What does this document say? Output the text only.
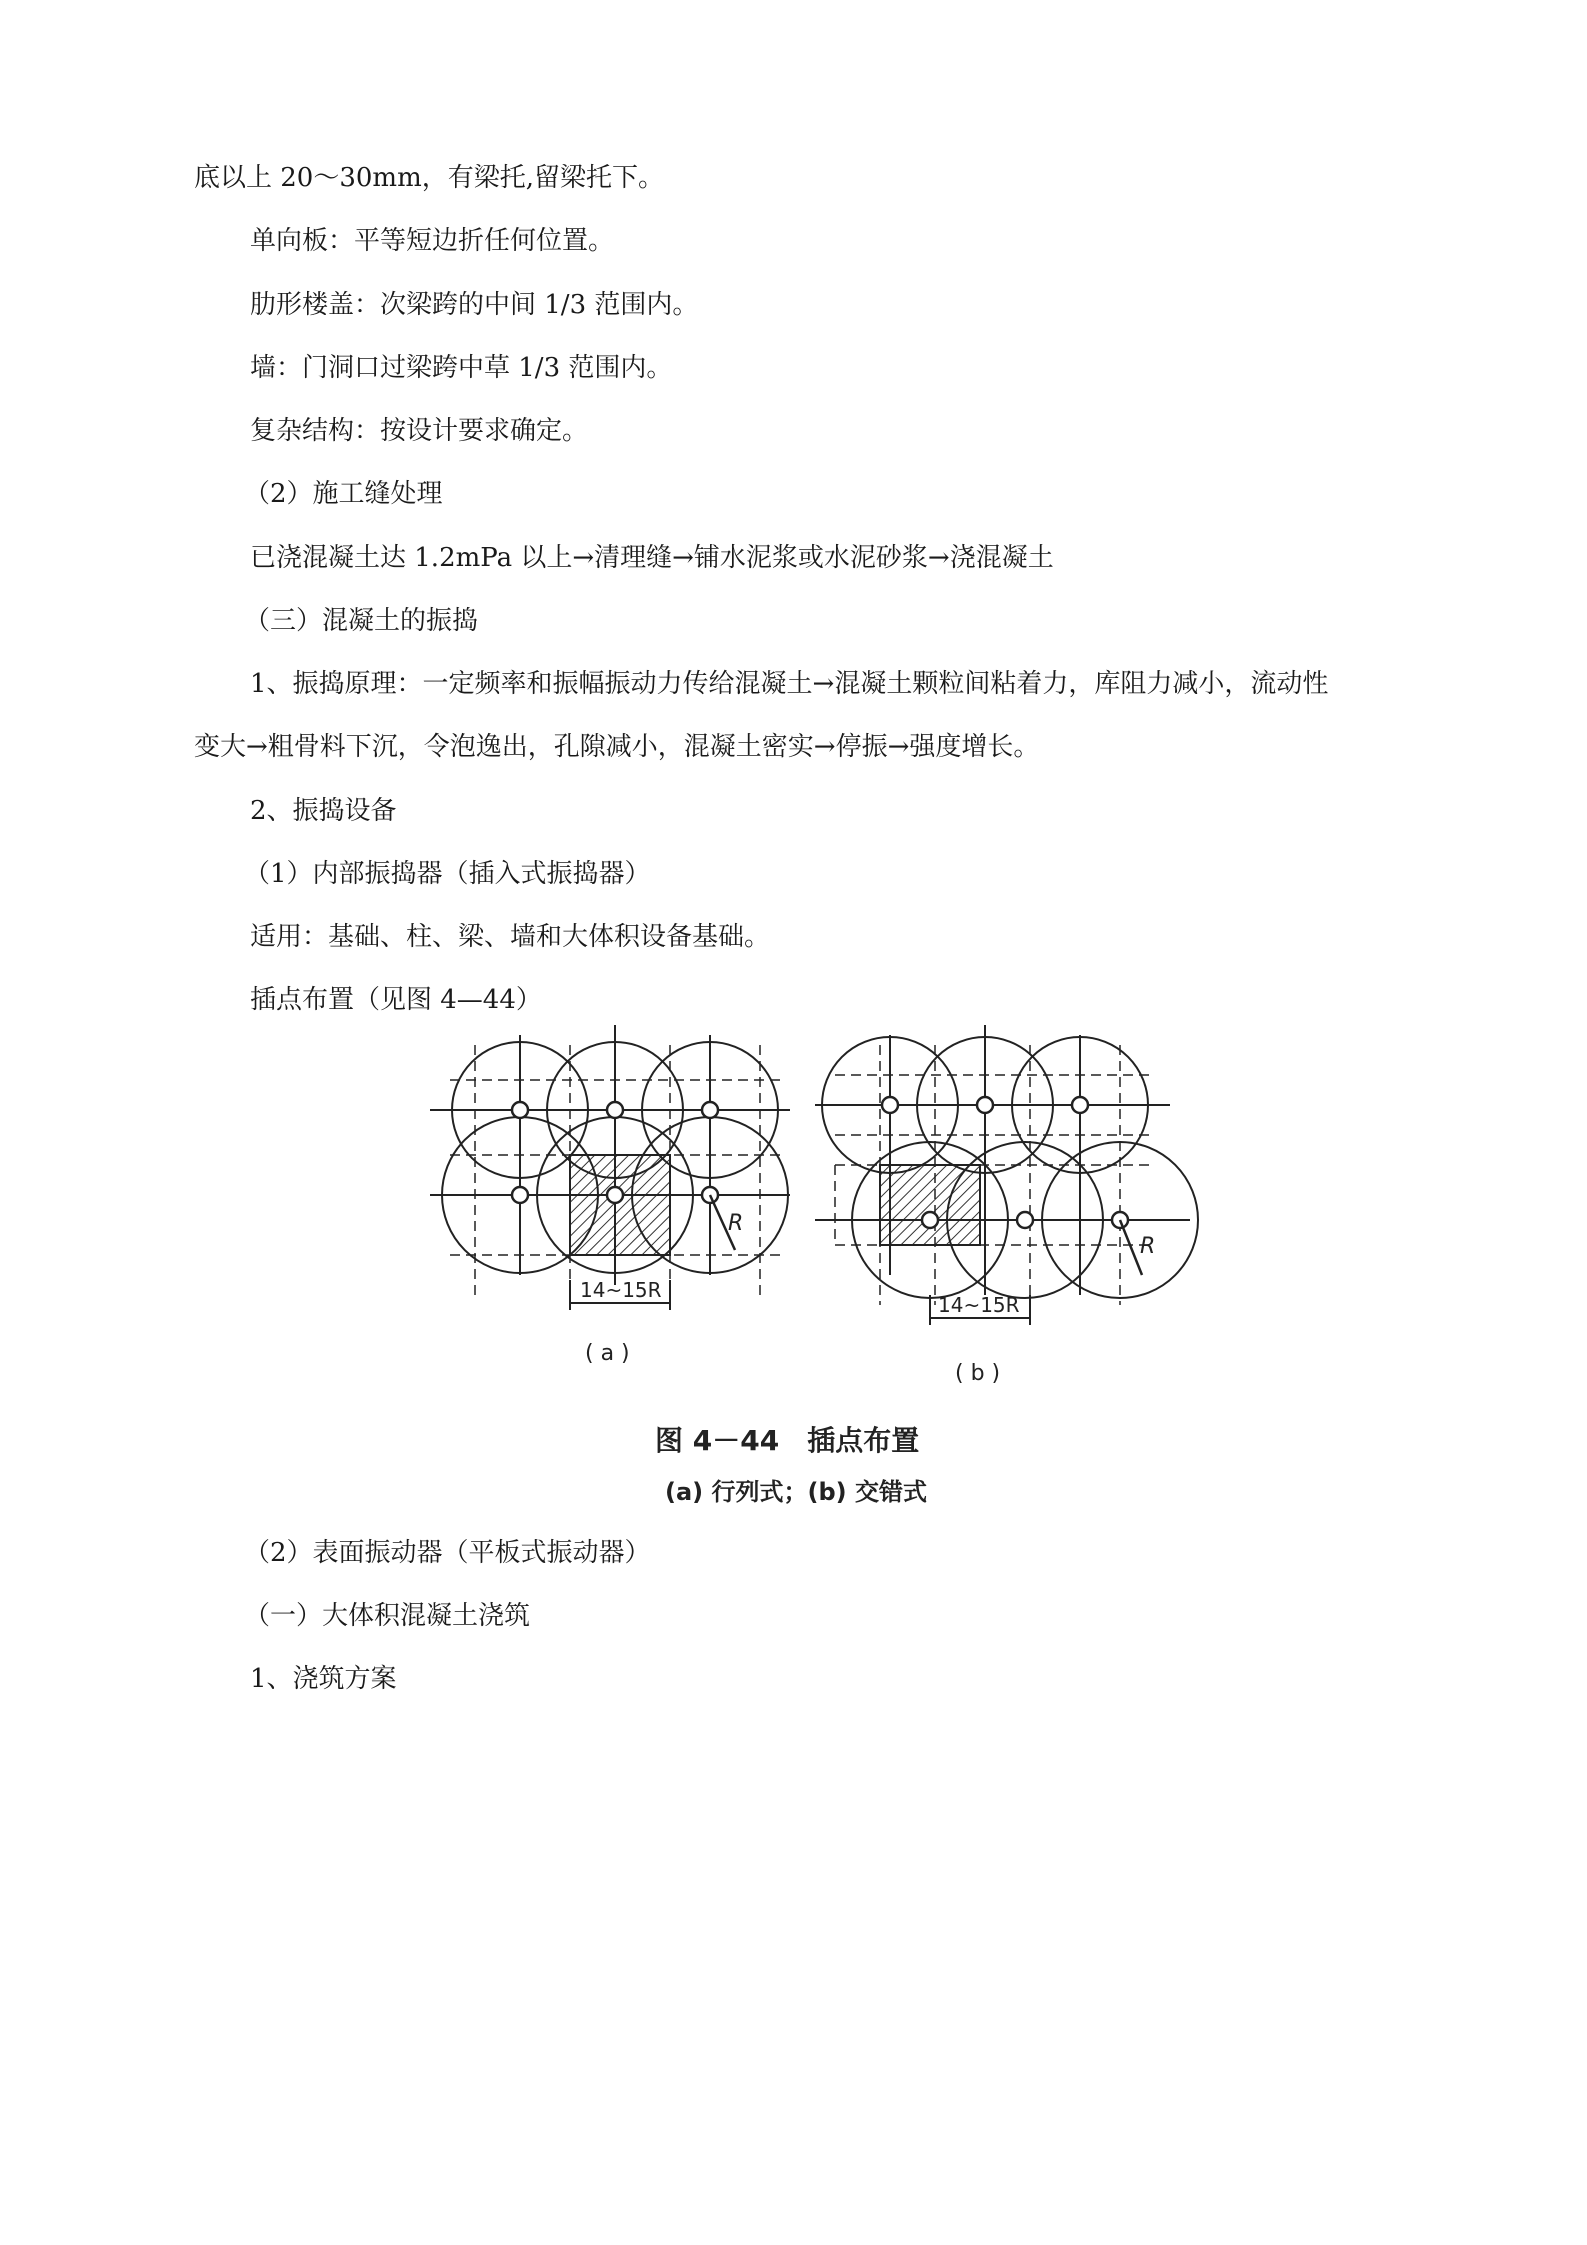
底以上 20～30mm，有梁托,留梁托下。
单向板：平等短边折任何位置。
肋形楼盖：次梁跨的中间 1/3 范围内。
墙：门洞口过梁跨中草 1/3 范围内。
复杂结构：按设计要求确定。
（2）施工缝处理
已浇混凝土达 1.2mPa 以上→清理缝→铺水泥浆或水泥砂浆→浇混凝土
（三）混凝土的振捣
1、振捣原理：一定频率和振幅振动力传给混凝土→混凝土颗粒间粘着力，库阻力减小，流动性
变大→粗骨料下沉，令泡逸出，孔隙减小，混凝土密实→停振→强度增长。
2、振捣设备
（1）内部振捣器（插入式振捣器）
适用：基础、柱、梁、墙和大体积设备基础。
插点布置（见图 4—44）
R
14~15R
( a )
R
14~15R
( b )
图 4－44　插点布置
(a) 行列式；(b) 交错式
（2）表面振动器（平板式振动器）
（一）大体积混凝土浇筑
1、浇筑方案
